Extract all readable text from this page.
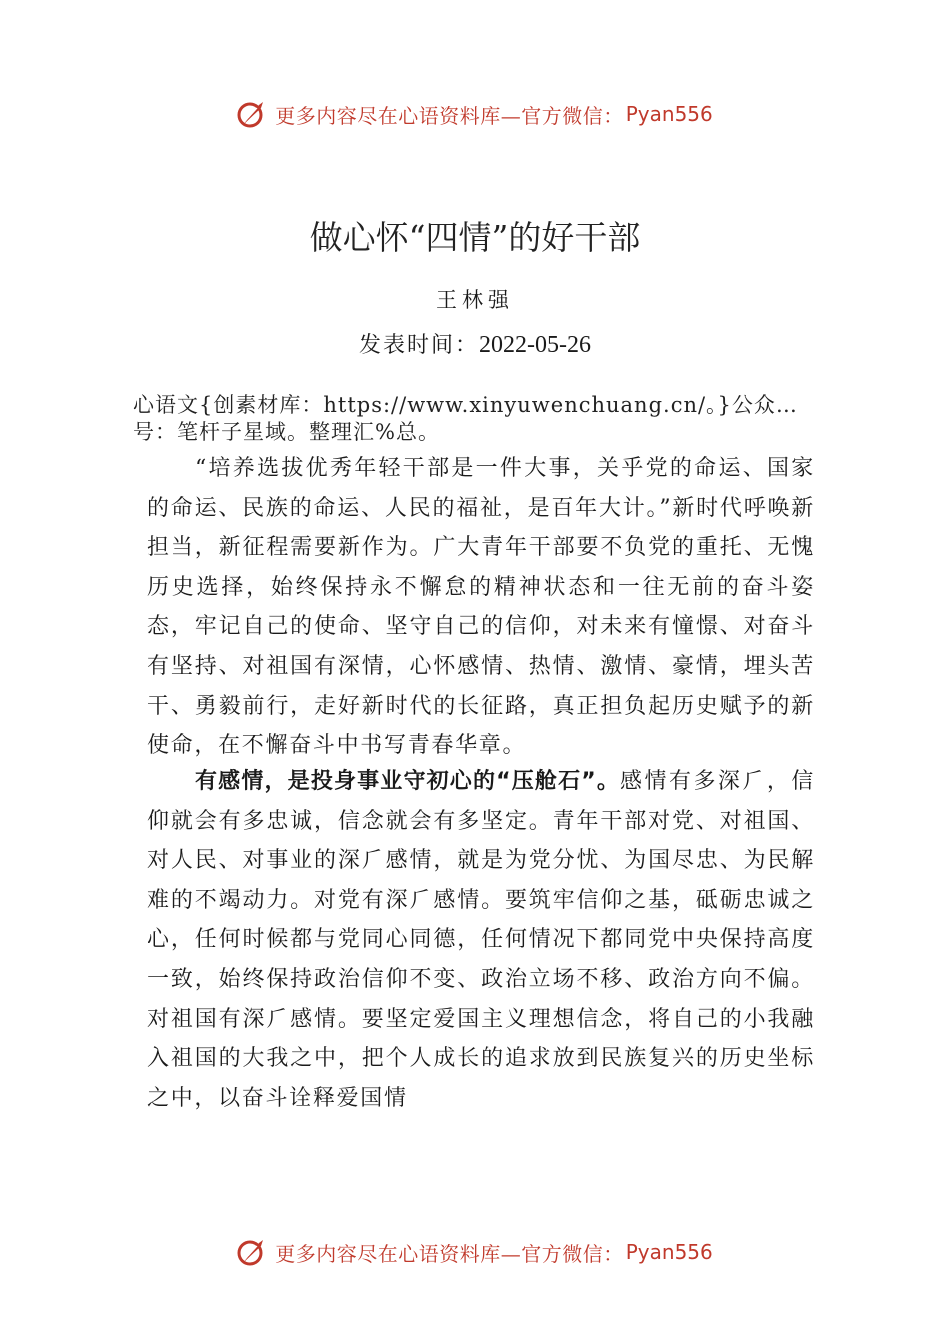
更多内容尽在心语资料库—官方微信： Pyan556
做心怀“四情”的好干部
王林强
发表时间：2022-05-26
心语文{创素材库：https://www.xinyuwenchuang.cn/。}公众…号：笔杆子星域。整理汇%总。
“培养选拔优秀年轻干部是一件大事，关乎党的命运、国家的命运、民族的命运、人民的福祉，是百年大计。”新时代呼唤新担当，新征程需要新作为。广大青年干部要不负党的重托、无愧历史选择，始终保持永不懈怠的精神状态和一往无前的奋斗姿态，牢记自己的使命、坚守自己的信仰，对未来有憧憬、对奋斗有坚持、对祖国有深情，心怀感情、热情、激情、豪情，埋头苦干、勇毅前行，走好新时代的长征路，真正担负起历史赋予的新使命，在不懈奋斗中书写青春华章。
有感情，是投身事业守初心的“压舱石”。感情有多深⺁，信仰就会有多忠诚，信念就会有多坚定。青年干部对党、对祖国、对人民、对事业的深⺁感情，就是为党分忧、为国尽忠、为民解难的不竭动力。对党有深⺁感情。要筑牢信仰之基，砥砺忠诚之心，任何时候都与党同心同德，任何情况下都同党中央保持高度一致，始终保持政治信仰不变、政治立场不移、政治方向不偏。对祖国有深⺁感情。要坚定爱国主义理想信念，将自己的小我融入祖国的大我之中，把个人成长的追求放到民族复兴的历史坐标之中，以奋斗诠释爱国情
更多内容尽在心语资料库—官方微信： Pyan556
